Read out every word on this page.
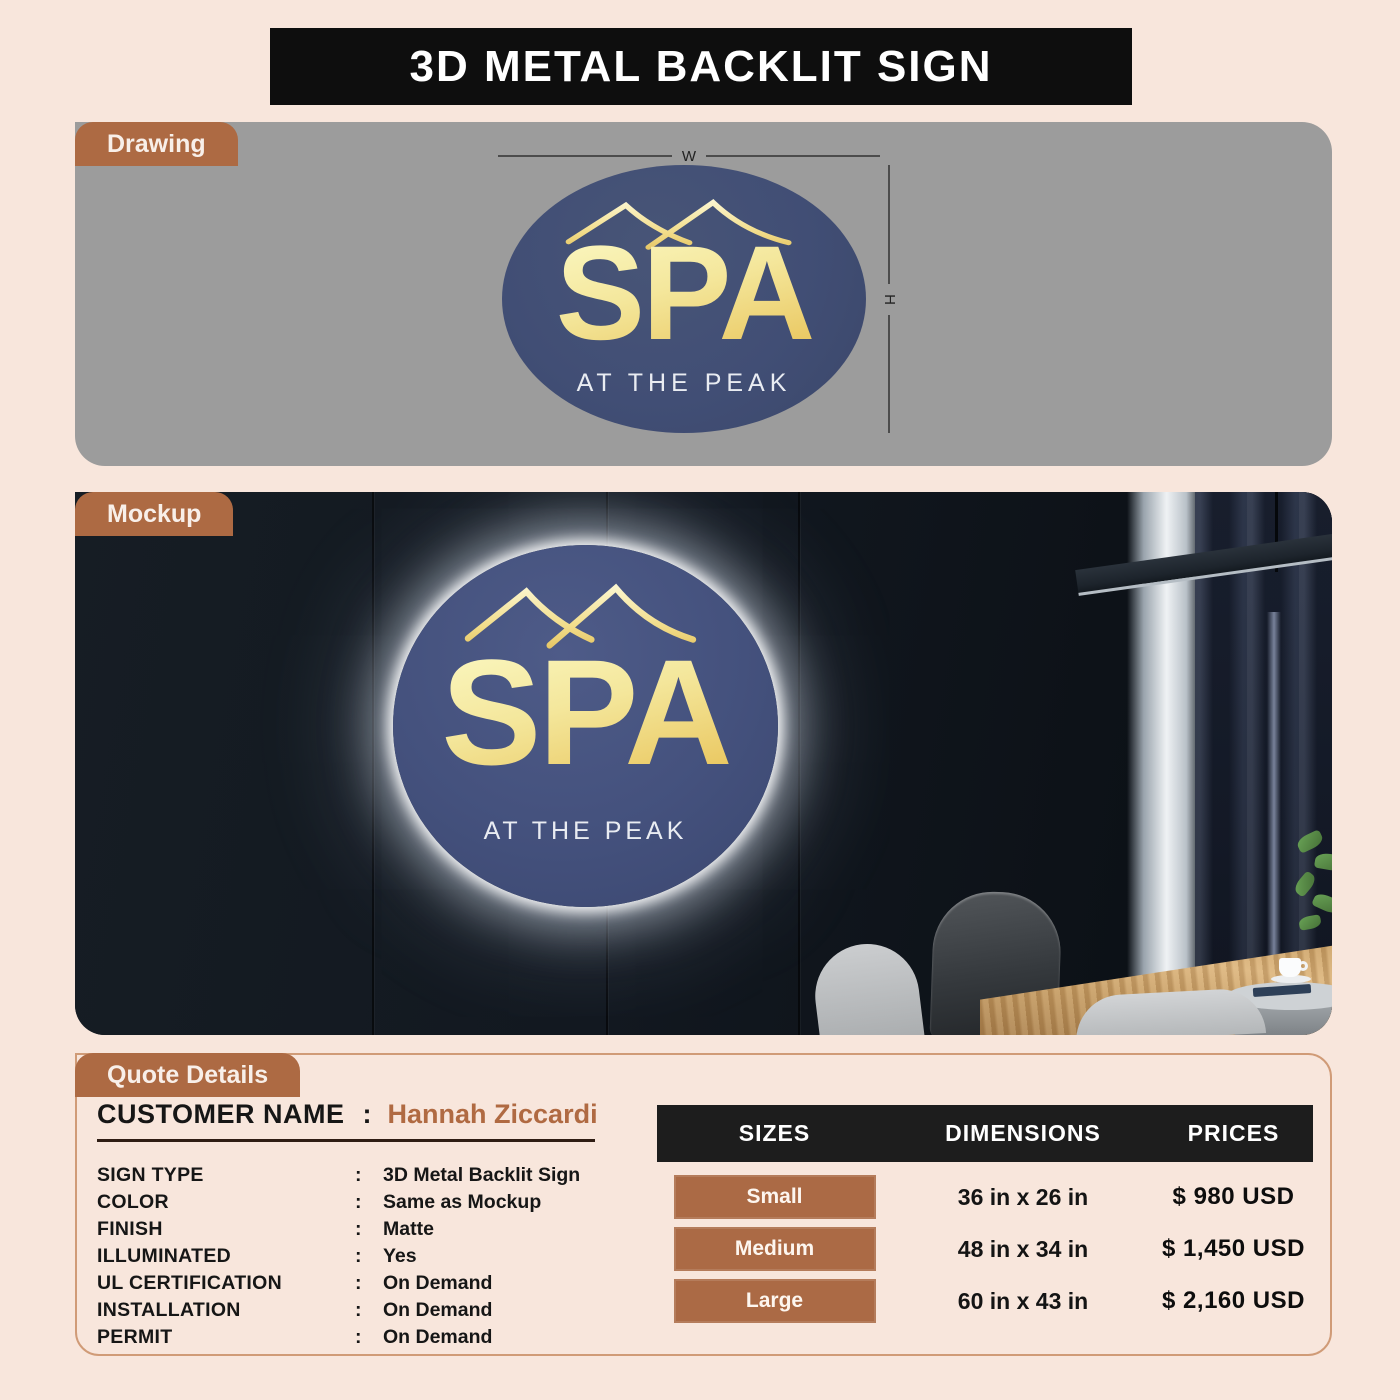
3D METAL BACKLIT SIGN
Drawing	W
H
SPA
AT THE PEAK
Mockup
SPA
AT THE PEAK
Quote Details
CUSTOMER NAME : Hannah Ziccardi
SIGN TYPE	:	3D Metal Backlit Sign
COLOR	:	Same as Mockup
FINISH	:	Matte
ILLUMINATED	:	Yes
UL CERTIFICATION	:	On Demand
INSTALLATION	:	On Demand
PERMIT	:	On Demand
SIZES	DIMENSIONS	PRICES
Small	36 in x 26 in	$ 980 USD
Medium	48 in x 34 in	$ 1,450 USD
Large	60 in x 43 in	$ 2,160 USD
